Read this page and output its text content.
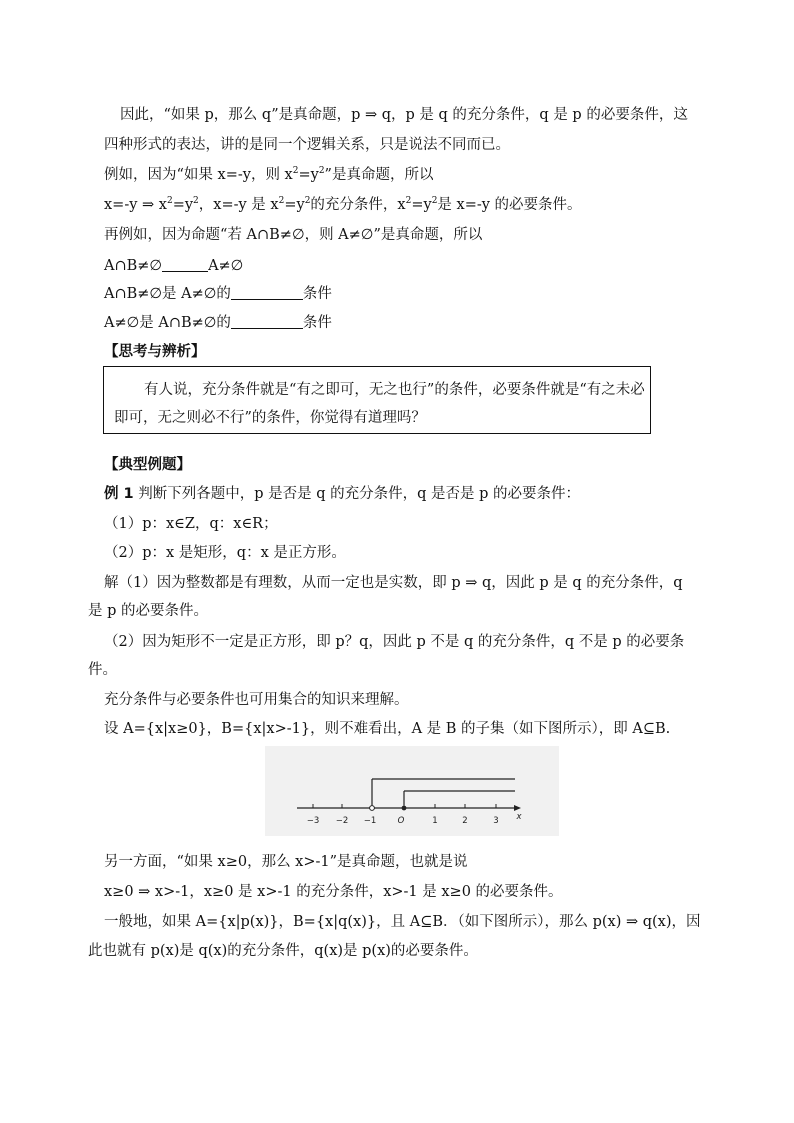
因此，“如果 p，那么 q”是真命题，p ⇒ q，p 是 q 的充分条件，q 是 p 的必要条件，这
四种形式的表达，讲的是同一个逻辑关系，只是说法不同而已。
例如，因为“如果 x=-y，则 $x^2=y^2$”是真命题，所以
x=-y ⇒ $x^2=y^2$，x=-y 是 $x^2=y^2$的充分条件，$x^2=y^2$是 x=-y 的必要条件。
再例如，因为命题“若 A∩B≠∅，则 A≠∅”是真命题，所以
A∩B≠∅	A≠∅
A∩B≠∅是 A≠∅的	条件
A≠∅是 A∩B≠∅的	条件
【思考与辨析】
有人说，充分条件就是“有之即可，无之也行”的条件，必要条件就是“有之未必
即可，无之则必不行”的条件，你觉得有道理吗？
【典型例题】
例 1 判断下列各题中，p 是否是 q 的充分条件，q 是否是 p 的必要条件：
（1）p：x∈Z，q：x∈R；
（2）p：x 是矩形，q：x 是正方形。
解（1）因为整数都是有理数，从而一定也是实数，即 p ⇒ q，因此 p 是 q 的充分条件，q
是 p 的必要条件。
（2）因为矩形不一定是正方形，即 p？q，因此 p 不是 q 的充分条件，q 不是 p 的必要条
件。
充分条件与必要条件也可用集合的知识来理解。
设 A={x|x≥0}，B={x|x>-1}，则不难看出，A 是 B 的子集（如下图所示），即 A⊆B.
−3 −2 −1	O	1	2	3 x
另一方面，“如果 x≥0，那么 x>-1”是真命题，也就是说
x≥0 ⇒ x>-1，x≥0 是 x>-1 的充分条件，x>-1 是 x≥0 的必要条件。
一般地，如果 A={x|p(x)}，B={x|q(x)}，且 A⊆B．（如下图所示），那么 p(x) ⇒ q(x)，因
此也就有 p(x)是 q(x)的充分条件，q(x)是 p(x)的必要条件。
